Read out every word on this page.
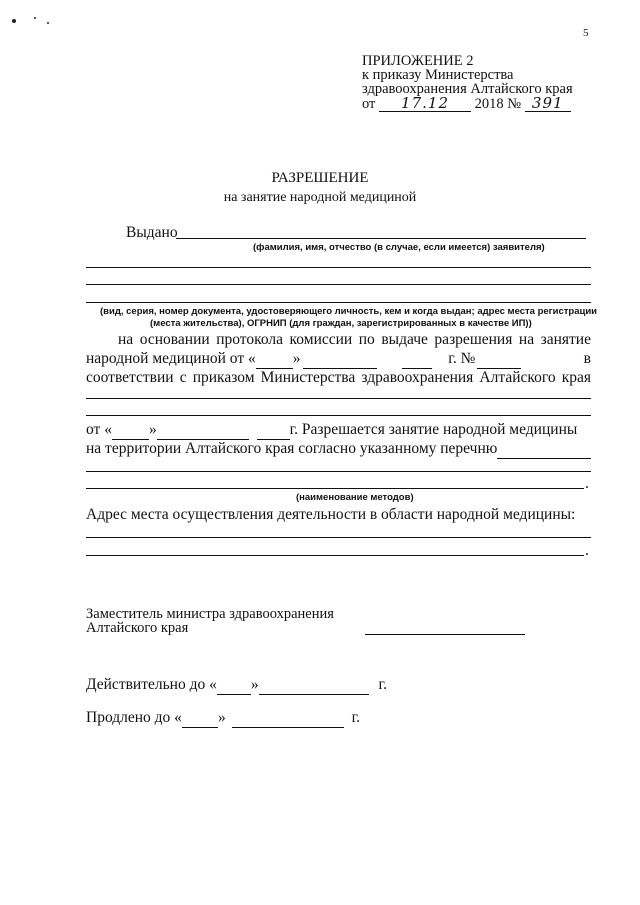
5
ПРИЛОЖЕНИЕ 2
к приказу Министерства
здравоохранения Алтайского края
от 17.12 2018 № 391
РАЗРЕШЕНИЕ
на занятие народной медициной
Выдано
(фамилия, имя, отчество (в случае, если имеется) заявителя)
(вид, серия, номер документа, удостоверяющего личность, кем и когда выдан; адрес места регистрации
(места жительства), ОГРНИП (для граждан, зарегистрированных в качестве ИП))
на основании протокола комиссии по выдаче разрешения на занятие
народной медициной от « »	г. №	в
соответствии с приказом Министерства здравоохранения Алтайского края
от « »	г. Разрешается занятие народной медицины
на территории Алтайского края согласно указанному перечню
.
(наименование методов)
Адрес места осуществления деятельности в области народной медицины:
.
Заместитель министра здравоохранения
Алтайского края
Действительно до « »	г.
Продлено до « »	г.
